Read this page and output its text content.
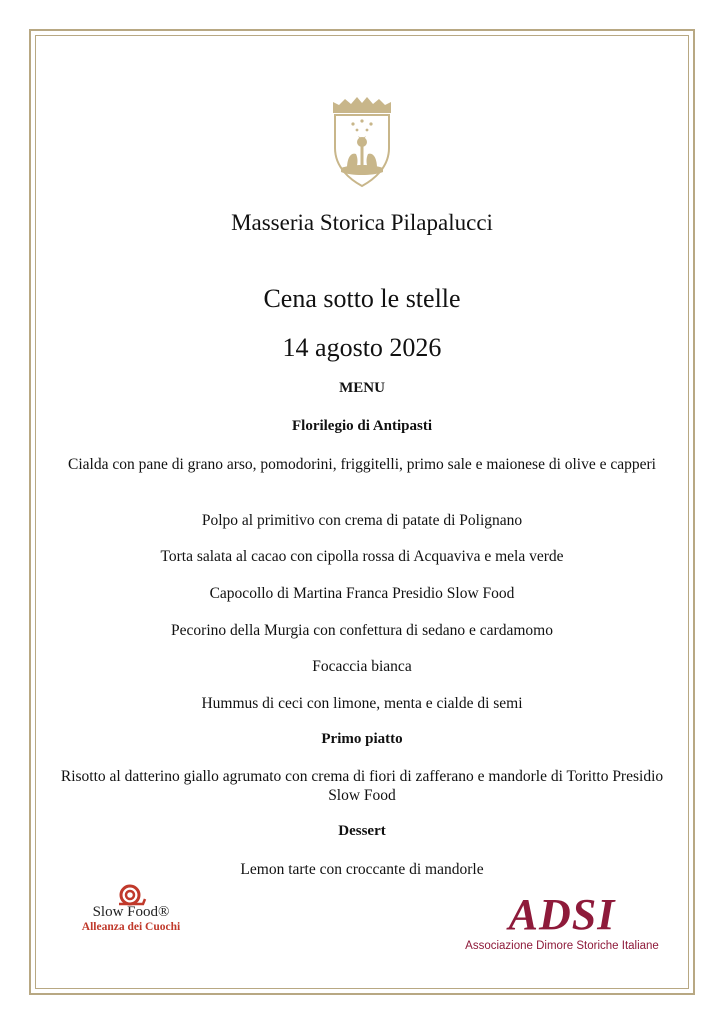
Masseria Storica Pilapalucci
Cena sotto le stelle
14 agosto 2026
MENU
Florilegio di Antipasti
Cialda con pane di grano arso, pomodorini, friggitelli, primo sale e maionese di olive e capperi
Polpo al primitivo con crema di patate di Polignano
Torta salata al cacao con cipolla rossa di Acquaviva e mela verde
Capocollo di Martina Franca Presidio Slow Food
Pecorino della Murgia con confettura di sedano e cardamomo
Focaccia bianca
Hummus di ceci con limone, menta e cialde di semi
Primo piatto
Risotto al datterino giallo agrumato con crema di fiori di zafferano e mandorle di Toritto Presidio Slow Food
Dessert
Lemon tarte con croccante di mandorle
Slow Food®
Alleanza dei Cuochi	ADSI
Associazione Dimore Storiche Italiane
